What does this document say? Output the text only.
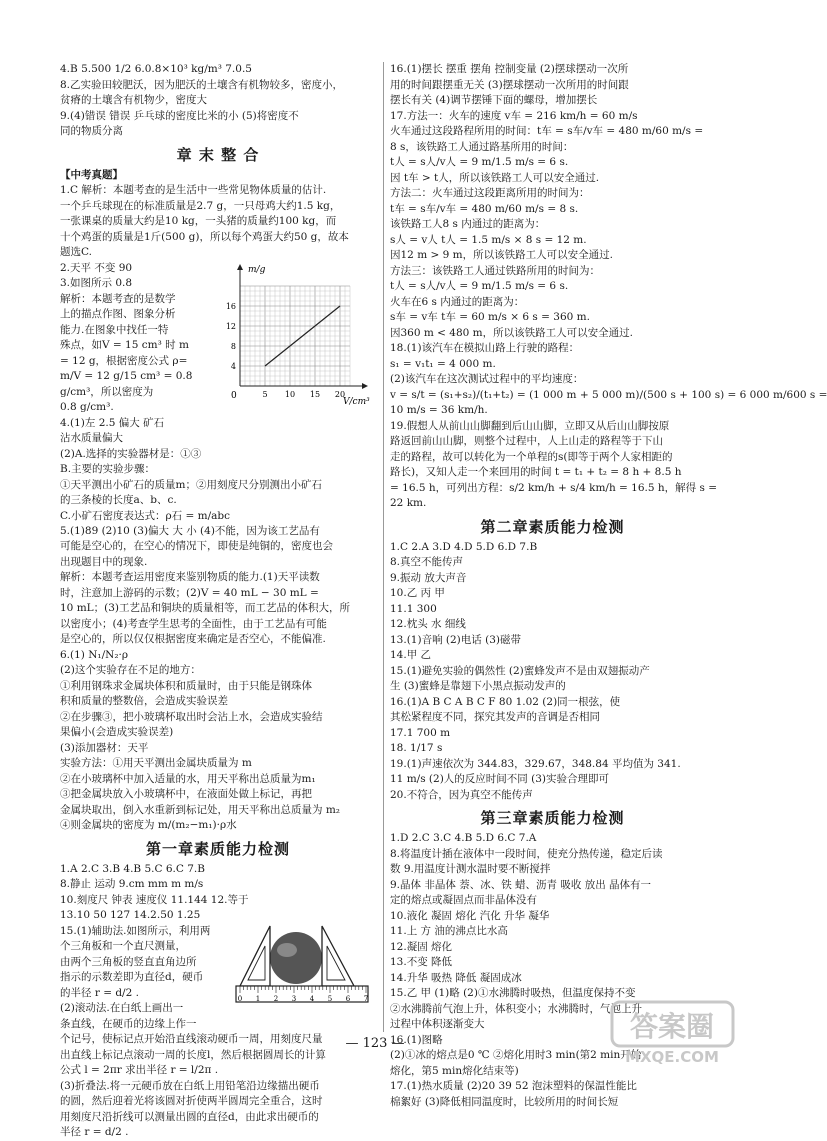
4.B 5.500 1/2 6.0.8×10³ kg/m³ 7.0.5
8.乙实验田较肥沃，因为肥沃的土壤含有机物较多，密度小，
贫瘠的土壤含有机物少，密度大
9.(4)错误 错误 乒乓球的密度比米的小 (5)将密度不
同的物质分离
章 末 整 合
【中考真题】
1.C 解析：本题考查的是生活中一些常见物体质量的估计.
一个乒乓球现在的标准质量是2.7 g，一只母鸡大约1.5 kg，
一张课桌的质量大约是10 kg，一头猪的质量约100 kg，而
十个鸡蛋的质量是1斤(500 g)，所以每个鸡蛋大约50 g，故本
题选C.
2.天平 不变 90
3.如图所示 0.8
解析：本题考查的是数学
上的描点作图、图象分析
能力.在图象中找任一特
殊点，如V = 15 cm³ 时 m
= 12 g，根据密度公式 ρ=
m/V = 12 g/15 cm³ = 0.8
g/cm³，所以密度为
0.8 g/cm³.
4.(1)左 2.5 偏大 矿石
沾水质量偏大
(2)A.选择的实验器材是：①③
B.主要的实验步骤：
①天平测出小矿石的质量m；②用刻度尺分别测出小矿石
的三条棱的长度a、b、c.
C.小矿石密度表达式：ρ石 = m/abc
m/g
V/cm³
0
4
8
12
16
5 10 15 20
5.(1)89 (2)10 (3)偏大 大 小 (4)不能，因为该工艺品有
可能是空心的，在空心的情况下，即使是纯铜的，密度也会
出现题目中的现象.
解析：本题考查运用密度来鉴别物质的能力.(1)天平读数
时，注意加上游码的示数；(2)V = 40 mL − 30 mL =
10 mL；(3)工艺品和铜块的质量相等，而工艺品的体积大，所
以密度小；(4)考查学生思考的全面性，由于工艺品有可能
是空心的，所以仅仅根据密度来确定是否空心，不能偏准.
6.(1) N₁/N₂·ρ
(2)这个实验存在不足的地方：
①利用钢珠求金属块体积和质量时，由于只能是钢珠体
积和质量的整数倍，会造成实验误差
②在步骤③，把小玻璃杯取出时会沾上水，会造成实验结
果偏小(会造成实验误差)
(3)添加器材：天平
实验方法：①用天平测出金属块质量为 m
②在小玻璃杯中加入适量的水，用天平称出总质量为m₁
③把金属块放入小玻璃杯中，在液面处做上标记，再把
金属块取出，倒入水重新到标记处，用天平称出总质量为 m₂
④则金属块的密度为 m/(m₂−m₁)·ρ水
第一章素质能力检测
1.A 2.C 3.B 4.B 5.C 6.C 7.B
8.静止 运动 9.cm mm m m/s
10.刻度尺 钟表 速度仪 11.144 12.等于
13.10 50 127 14.2.50 1.25
15.(1)辅助法.如图所示，利用两
个三角板和一个直尺测量，
由两个三角板的竖直直角边所
指示的示数差即为直径d，硬币
的半径 r = d/2 .
(2)滚动法.在白纸上画出一
条直线，在硬币的边缘上作一
个记号，使标记点开始沿直线滚动硬币一周，用刻度尺量
出直线上标记点滚动一周的长度l，然后根据圆周长的计算
公式 l = 2πr 求出半径 r = l/2π .
(3)折叠法.将一元硬币放在白纸上用铅笔沿边缘描出硬币
的圆，然后迎着光将该圆对折使两半圆周完全重合，这时
用刻度尺沿折线可以测量出圆的直径d，由此求出硬币的
半径 r = d/2 .
0 1 2 3 4 5 6 7
16.(1)摆长 摆重 摆角 控制变量 (2)摆球摆动一次所
用的时间跟摆重无关 (3)摆球摆动一次所用的时间跟
摆长有关 (4)调节摆锤下面的螺母，增加摆长
17.方法一：火车的速度 v车 = 216 km/h = 60 m/s
火车通过这段路程所用的时间：t车 = s车/v车 = 480 m/60 m/s =
8 s，该铁路工人通过路基所用的时间：
t人 = s人/v人 = 9 m/1.5 m/s = 6 s.
因 t车 > t人，所以该铁路工人可以安全通过.
方法二：火车通过这段距离所用的时间为：
t车 = s车/v车 = 480 m/60 m/s = 8 s.
该铁路工人8 s 内通过的距离为：
s人 = v人 t人 = 1.5 m/s × 8 s = 12 m.
因12 m > 9 m，所以该铁路工人可以安全通过.
方法三：该铁路工人通过铁路所用的时间为：
t人 = s人/v人 = 9 m/1.5 m/s = 6 s.
火车在6 s 内通过的距离为：
s车 = v车 t车 = 60 m/s × 6 s = 360 m.
因360 m < 480 m，所以该铁路工人可以安全通过.
18.(1)该汽车在模拟山路上行驶的路程：
s₁ = v₁t₁ = 4 000 m.
(2)该汽车在这次测试过程中的平均速度：
v = s/t = (s₁+s₂)/(t₁+t₂) = (1 000 m + 5 000 m)/(500 s + 100 s) = 6 000 m/600 s =
10 m/s = 36 km/h.
19.假想人从前山山脚翻到后山山脚，立即又从后山山脚按原
路返回前山山脚，则整个过程中，人上山走的路程等于下山
走的路程，故可以转化为一个单程的s(即等于两个人家相距的
路长)，又知人走一个来回用的时间 t = t₁ + t₂ = 8 h + 8.5 h
= 16.5 h，可列出方程：s/2 km/h + s/4 km/h = 16.5 h，解得 s =
22 km.
第二章素质能力检测
1.C 2.A 3.D 4.D 5.D 6.D 7.B
8.真空不能传声
9.振动 放大声音
10.乙 丙 甲
11.1 300
12.枕头 水 细线
13.(1)音响 (2)电话 (3)磁带
14.甲 乙
15.(1)避免实验的偶然性 (2)蜜蜂发声不是由双翅振动产
生 (3)蜜蜂是靠翅下小黑点振动发声的
16.(1)A B C A B C F 80 1.02 (2)同一根弦，使
其松紧程度不同，探究其发声的音调是否相同
17.1 700 m
18. 1/17 s
19.(1)声速依次为 344.83，329.67，348.84 平均值为 341.
11 m/s (2)人的反应时间不同 (3)实验合理即可
20.不符合，因为真空不能传声
第三章素质能力检测
1.D 2.C 3.C 4.B 5.D 6.C 7.A
8.将温度计插在液体中一段时间，使充分热传递，稳定后读
数 9.用温度计测水温时要不断搅拌
9.晶体 非晶体 萘、冰、铁 蜡、沥青 吸收 放出 晶体有一
定的熔点或凝固点而非晶体没有
10.液化 凝固 熔化 汽化 升华 凝华
11.上 方 油的沸点比水高
12.凝固 熔化
13.不变 降低
14.升华 吸热 降低 凝固成冰
15.乙 甲 (1)略 (2)①水沸腾时吸热，但温度保持不变
②水沸腾前气泡上升，体积变小；水沸腾时，气泡上升
过程中体积逐渐变大
16.(1)图略
(2)①冰的熔点是0 ℃ ②熔化用时3 min(第2 min开始
熔化，第5 min熔化结束等)
17.(1)热水质量 (2)20 39 52 泡沫塑料的保温性能比
棉絮好 (3)降低相同温度时，比较所用的时间长短
— 123 —
答案圈
MXQE.COM
